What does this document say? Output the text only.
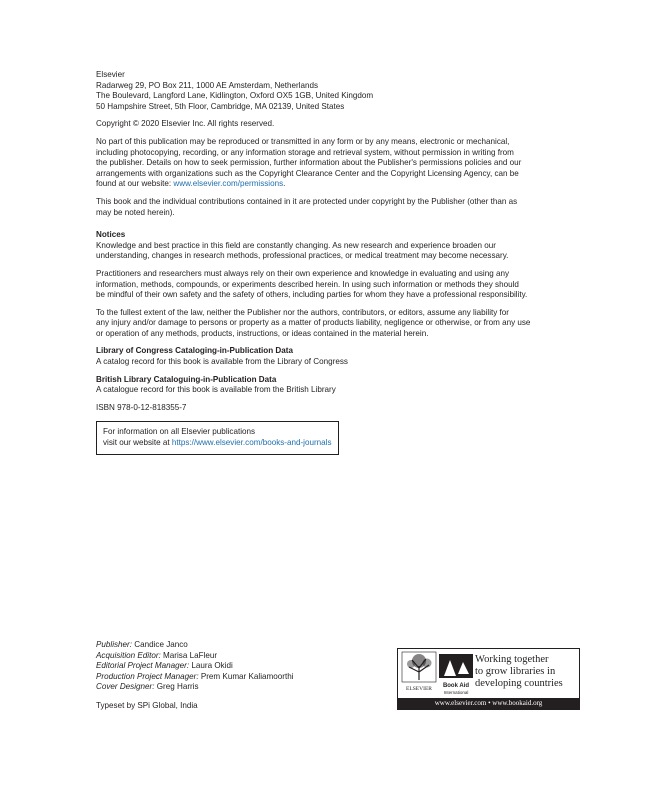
Elsevier
Radarweg 29, PO Box 211, 1000 AE Amsterdam, Netherlands
The Boulevard, Langford Lane, Kidlington, Oxford OX5 1GB, United Kingdom
50 Hampshire Street, 5th Floor, Cambridge, MA 02139, United States
Copyright © 2020 Elsevier Inc. All rights reserved.
No part of this publication may be reproduced or transmitted in any form or by any means, electronic or mechanical,
including photocopying, recording, or any information storage and retrieval system, without permission in writing from
the publisher. Details on how to seek permission, further information about the Publisher's permissions policies and our
arrangements with organizations such as the Copyright Clearance Center and the Copyright Licensing Agency, can be
found at our website: www.elsevier.com/permissions.
This book and the individual contributions contained in it are protected under copyright by the Publisher (other than as
may be noted herein).
Notices
Knowledge and best practice in this field are constantly changing. As new research and experience broaden our
understanding, changes in research methods, professional practices, or medical treatment may become necessary.
Practitioners and researchers must always rely on their own experience and knowledge in evaluating and using any
information, methods, compounds, or experiments described herein. In using such information or methods they should
be mindful of their own safety and the safety of others, including parties for whom they have a professional responsibility.
To the fullest extent of the law, neither the Publisher nor the authors, contributors, or editors, assume any liability for
any injury and/or damage to persons or property as a matter of products liability, negligence or otherwise, or from any use
or operation of any methods, products, instructions, or ideas contained in the material herein.
Library of Congress Cataloging-in-Publication Data
A catalog record for this book is available from the Library of Congress
British Library Cataloguing-in-Publication Data
A catalogue record for this book is available from the British Library
ISBN 978-0-12-818355-7
For information on all Elsevier publications
visit our website at https://www.elsevier.com/books-and-journals
Publisher: Candice Janco
Acquisition Editor: Marisa LaFleur
Editorial Project Manager: Laura Okidi
Production Project Manager: Prem Kumar Kaliamoorthi
Cover Designer: Greg Harris
Typeset by SPi Global, India
ELSEVIER Book Aid
International
Working together
to grow libraries in
developing countries
www.elsevier.com • www.bookaid.org
